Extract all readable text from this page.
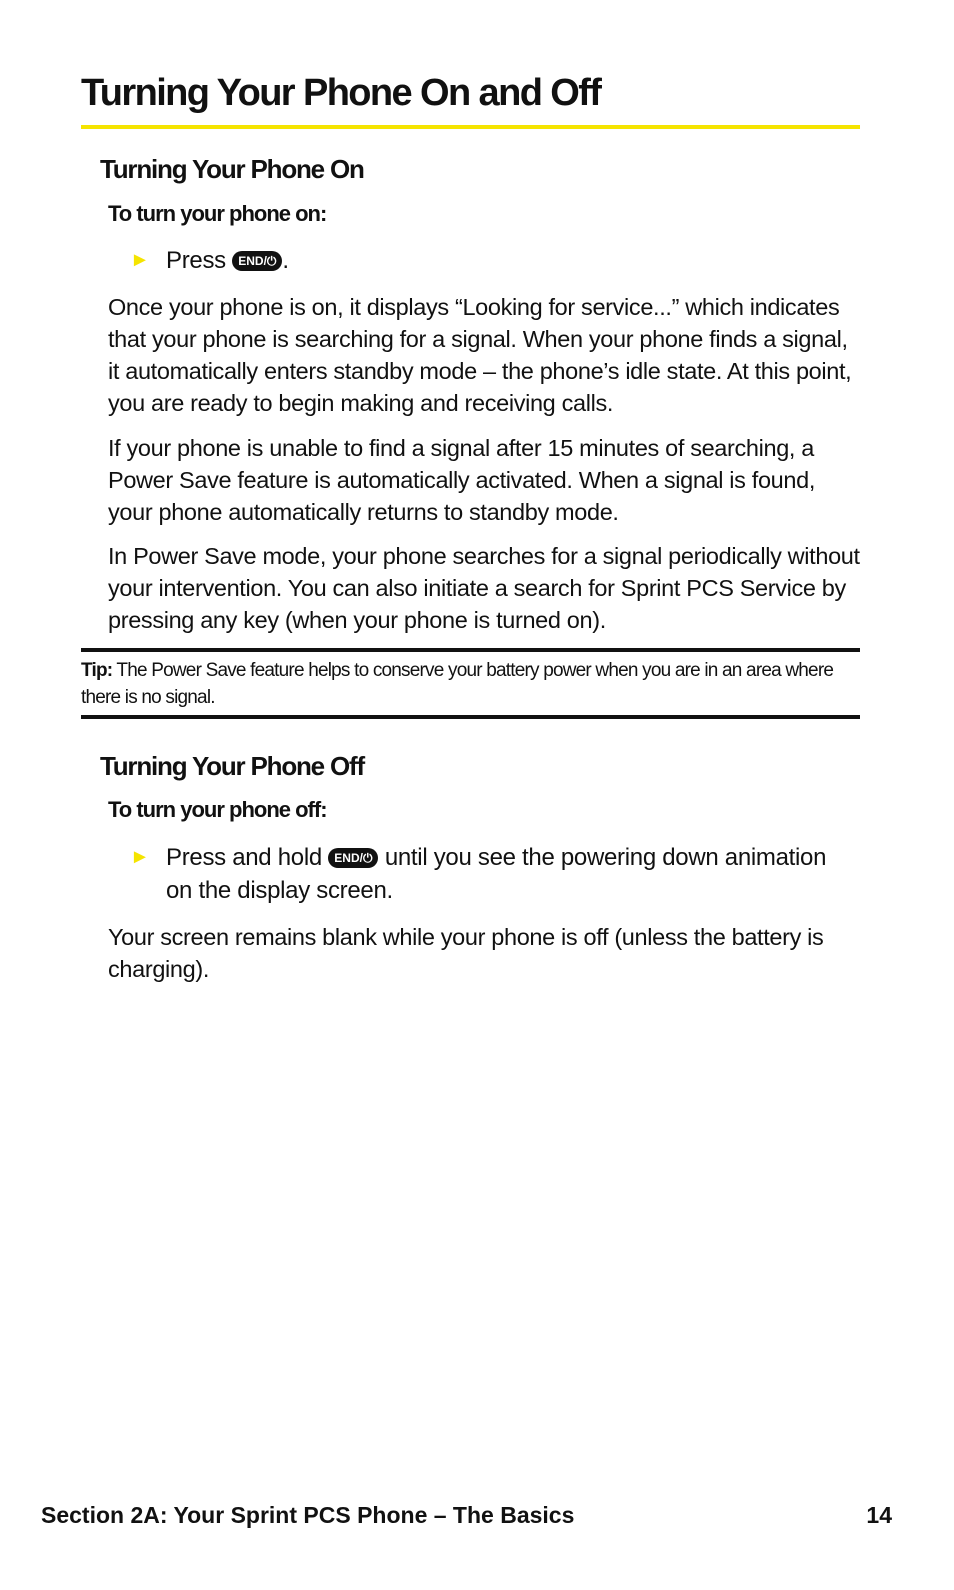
Turning Your Phone On and Off
Turning Your Phone On
To turn your phone on:
► Press END/⏻ .

Once your phone is on, it displays “Looking for service...” which indicates that your phone is searching for a signal. When your phone finds a signal, it automatically enters standby mode – the phone’s idle state. At this point, you are ready to begin making and receiving calls.

If your phone is unable to find a signal after 15 minutes of searching, a Power Save feature is automatically activated. When a signal is found, your phone automatically returns to standby mode.

In Power Save mode, your phone searches for a signal periodically without your intervention. You can also initiate a search for Sprint PCS Service by pressing any key (when your phone is turned on).

Tip: The Power Save feature helps to conserve your battery power when you are in an area where there is no signal.

Turning Your Phone Off
To turn your phone off:
► Press and hold END/⏻ until you see the powering down animation on the display screen.

Your screen remains blank while your phone is off (unless the battery is charging).

Section 2A: Your Sprint PCS Phone – The Basics	14
